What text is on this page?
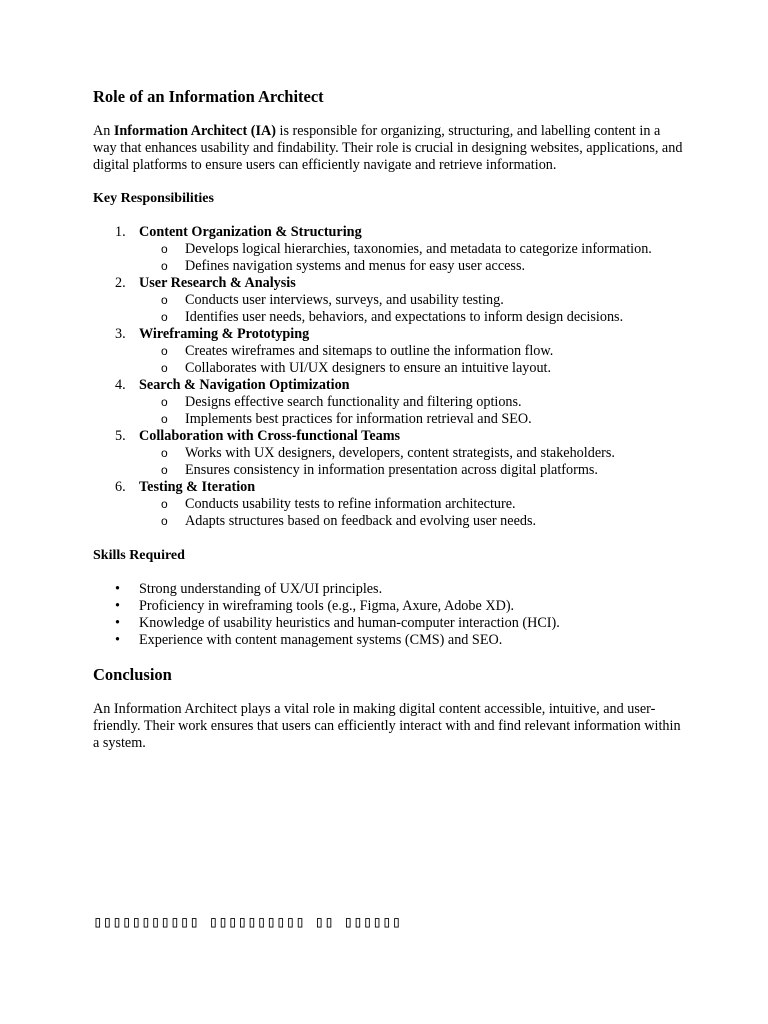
Role of an Information Architect

An Information Architect (IA) is responsible for organizing, structuring, and labelling content in a way that enhances usability and findability. Their role is crucial in designing websites, applications, and digital platforms to ensure users can efficiently navigate and retrieve information.

Key Responsibilities

1. Content Organization & Structuring
o Develops logical hierarchies, taxonomies, and metadata to categorize information.
o Defines navigation systems and menus for easy user access.
2. User Research & Analysis
o Conducts user interviews, surveys, and usability testing.
o Identifies user needs, behaviors, and expectations to inform design decisions.
3. Wireframing & Prototyping
o Creates wireframes and sitemaps to outline the information flow.
o Collaborates with UI/UX designers to ensure an intuitive layout.
4. Search & Navigation Optimization
o Designs effective search functionality and filtering options.
o Implements best practices for information retrieval and SEO.
5. Collaboration with Cross-functional Teams
o Works with UX designers, developers, content strategists, and stakeholders.
o Ensures consistency in information presentation across digital platforms.
6. Testing & Iteration
o Conducts usability tests to refine information architecture.
o Adapts structures based on feedback and evolving user needs.

Skills Required

• Strong understanding of UX/UI principles.
• Proficiency in wireframing tools (e.g., Figma, Axure, Adobe XD).
• Knowledge of usability heuristics and human-computer interaction (HCI).
• Experience with content management systems (CMS) and SEO.
Conclusion

An Information Architect plays a vital role in making digital content accessible, intuitive, and user-friendly. Their work ensures that users can efficiently interact with and find relevant information within a system.

▯▯▯▯▯▯▯▯▯▯▯ ▯▯▯▯▯▯▯▯▯▯ ▯▯ ▯▯▯▯▯▯
